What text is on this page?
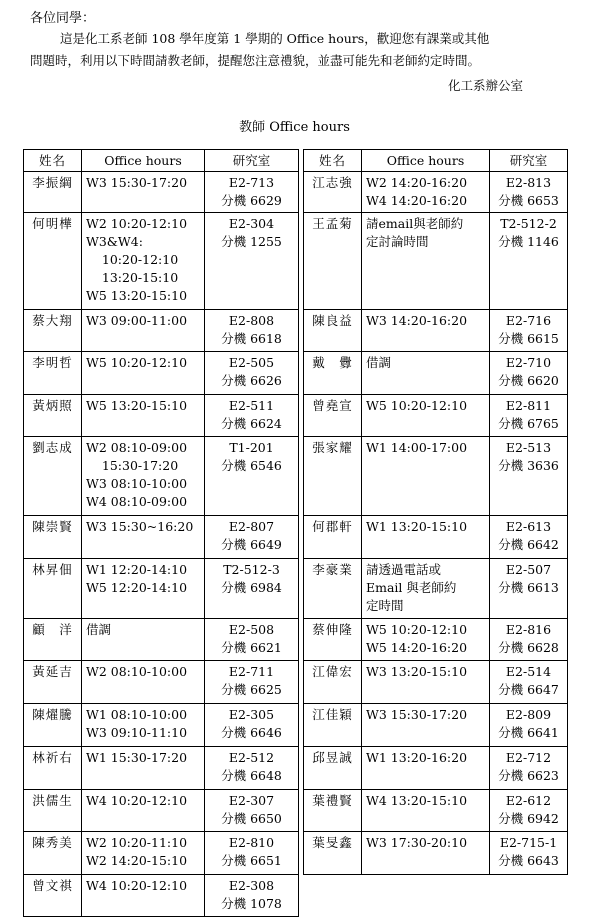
各位同學：
這是化工系老師 108 學年度第 1 學期的 Office hours，歡迎您有課業或其他
問題時，利用以下時間請教老師，提醒您注意禮貌，並盡可能先和老師約定時間。
化工系辦公室
教師 Office hours
姓名	Office hours	研究室
李振綱	W3 15:30-17:20	E2-713
分機 6629

何明樺	W2 10:20-12:10
W3&W4:
10:20-12:10
13:20-15:10
W5 13:20-15:10	E2-304
分機 1255

蔡大翔	W3 09:00-11:00	E2-808
分機 6618

李明哲	W5 10:20-12:10	E2-505
分機 6626

黃炳照	W5 13:20-15:10	E2-511
分機 6624

劉志成	W2 08:10-09:00
15:30-17:20
W3 08:10-10:00
W4 08:10-09:00	T1-201
分機 6546

陳崇賢	W3 15:30~16:20	E2-807
分機 6649

林昇佃	W1 12:20-14:10
W5 12:20-14:10	T2-512-3
分機 6984

顧　洋	借調	E2-508
分機 6621

黃延吉	W2 08:10-10:00	E2-711
分機 6625

陳燿騰	W1 08:10-10:00
W3 09:10-11:10	E2-305
分機 6646

林祈右	W1 15:30-17:20	E2-512
分機 6648

洪儒生	W4 10:20-12:10	E2-307
分機 6650

陳秀美	W2 10:20-11:10
W2 14:20-15:10	E2-810
分機 6651

曾文祺	W4 10:20-12:10	E2-308
分機 1078
姓名	Office hours	研究室
江志強	W2 14:20-16:20
W4 14:20-16:20	E2-813
分機 6653

王孟菊	請email與老師約
定討論時間	T2-512-2
分機 1146

陳良益	W3 14:20-16:20	E2-716
分機 6615

戴　釁	借調	E2-710
分機 6620

曾堯宣	W5 10:20-12:10	E2-811
分機 6765

張家耀	W1 14:00-17:00	E2-513
分機 3636

何郡軒	W1 13:20-15:10	E2-613
分機 6642

李豪業	請透過電話或
Email 與老師約
定時間	E2-507
分機 6613

蔡伸隆	W5 10:20-12:10
W5 14:20-16:20	E2-816
分機 6628

江偉宏	W3 13:20-15:10	E2-514
分機 6647

江佳穎	W3 15:30-17:20	E2-809
分機 6641

邱昱誠	W1 13:20-16:20	E2-712
分機 6623

葉禮賢	W4 13:20-15:10	E2-612
分機 6942

葉旻鑫	W3 17:30-20:10	E2-715-1
分機 6643
